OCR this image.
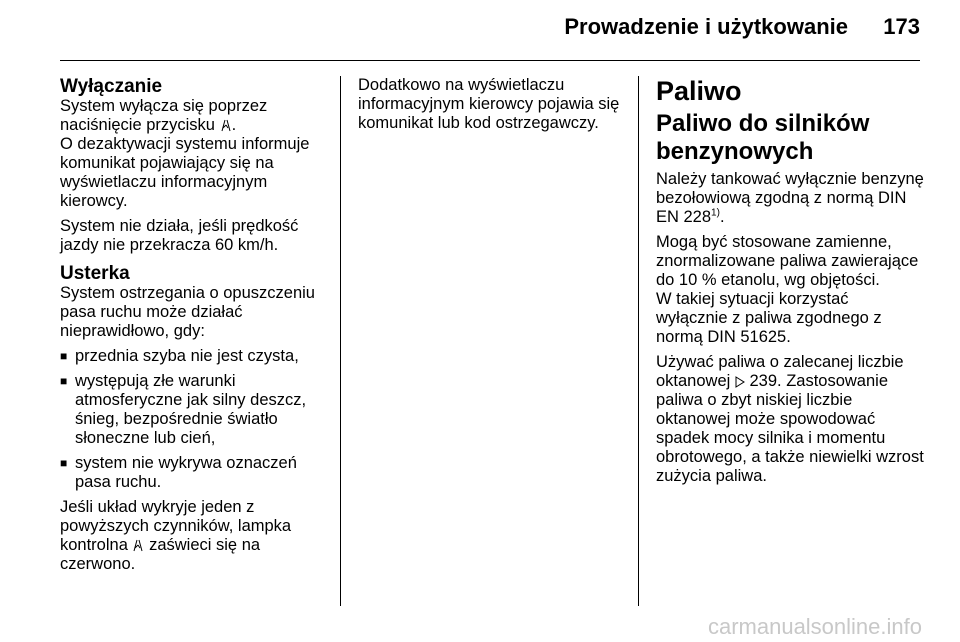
Prowadzenie i użytkowanie 173
Wyłączanie

System wyłącza się poprzez naciśnięcie przycisku .

O dezaktywacji systemu informuje komunikat pojawiający się na wyświetlaczu informacyjnym kierowcy.

System nie działa, jeśli prędkość jazdy nie przekracza 60 km/h.

Usterka

System ostrzegania o opuszczeniu pasa ruchu może działać nieprawidłowo, gdy:

■ przednia szyba nie jest czysta,
■ występują złe warunki atmosferyczne jak silny deszcz, śnieg, bezpośrednie światło słoneczne lub cień,
■ system nie wykrywa oznaczeń pasa ruchu.

Jeśli układ wykryje jeden z powyższych czynników, lampka kontrolna zaświeci się na czerwono.

Dodatkowo na wyświetlaczu informacyjnym kierowcy pojawia się komunikat lub kod ostrzegawczy.

Paliwo
Paliwo do silników benzynowych

Należy tankować wyłącznie benzynę bezołowiową zgodną z normą DIN EN 228$^{1)}$.

Mogą być stosowane zamienne, znormalizowane paliwa zawierające do 10 % etanolu, wg objętości.

W takiej sytuacji korzystać wyłącznie z paliwa zgodnego z normą DIN 51625.

Używać paliwa o zalecanej liczbie oktanowej 239. Zastosowanie paliwa o zbyt niskiej liczbie oktanowej może spowodować spadek mocy silnika i momentu obrotowego, a także niewielki wzrost zużycia paliwa.

carmanualsonline.info
